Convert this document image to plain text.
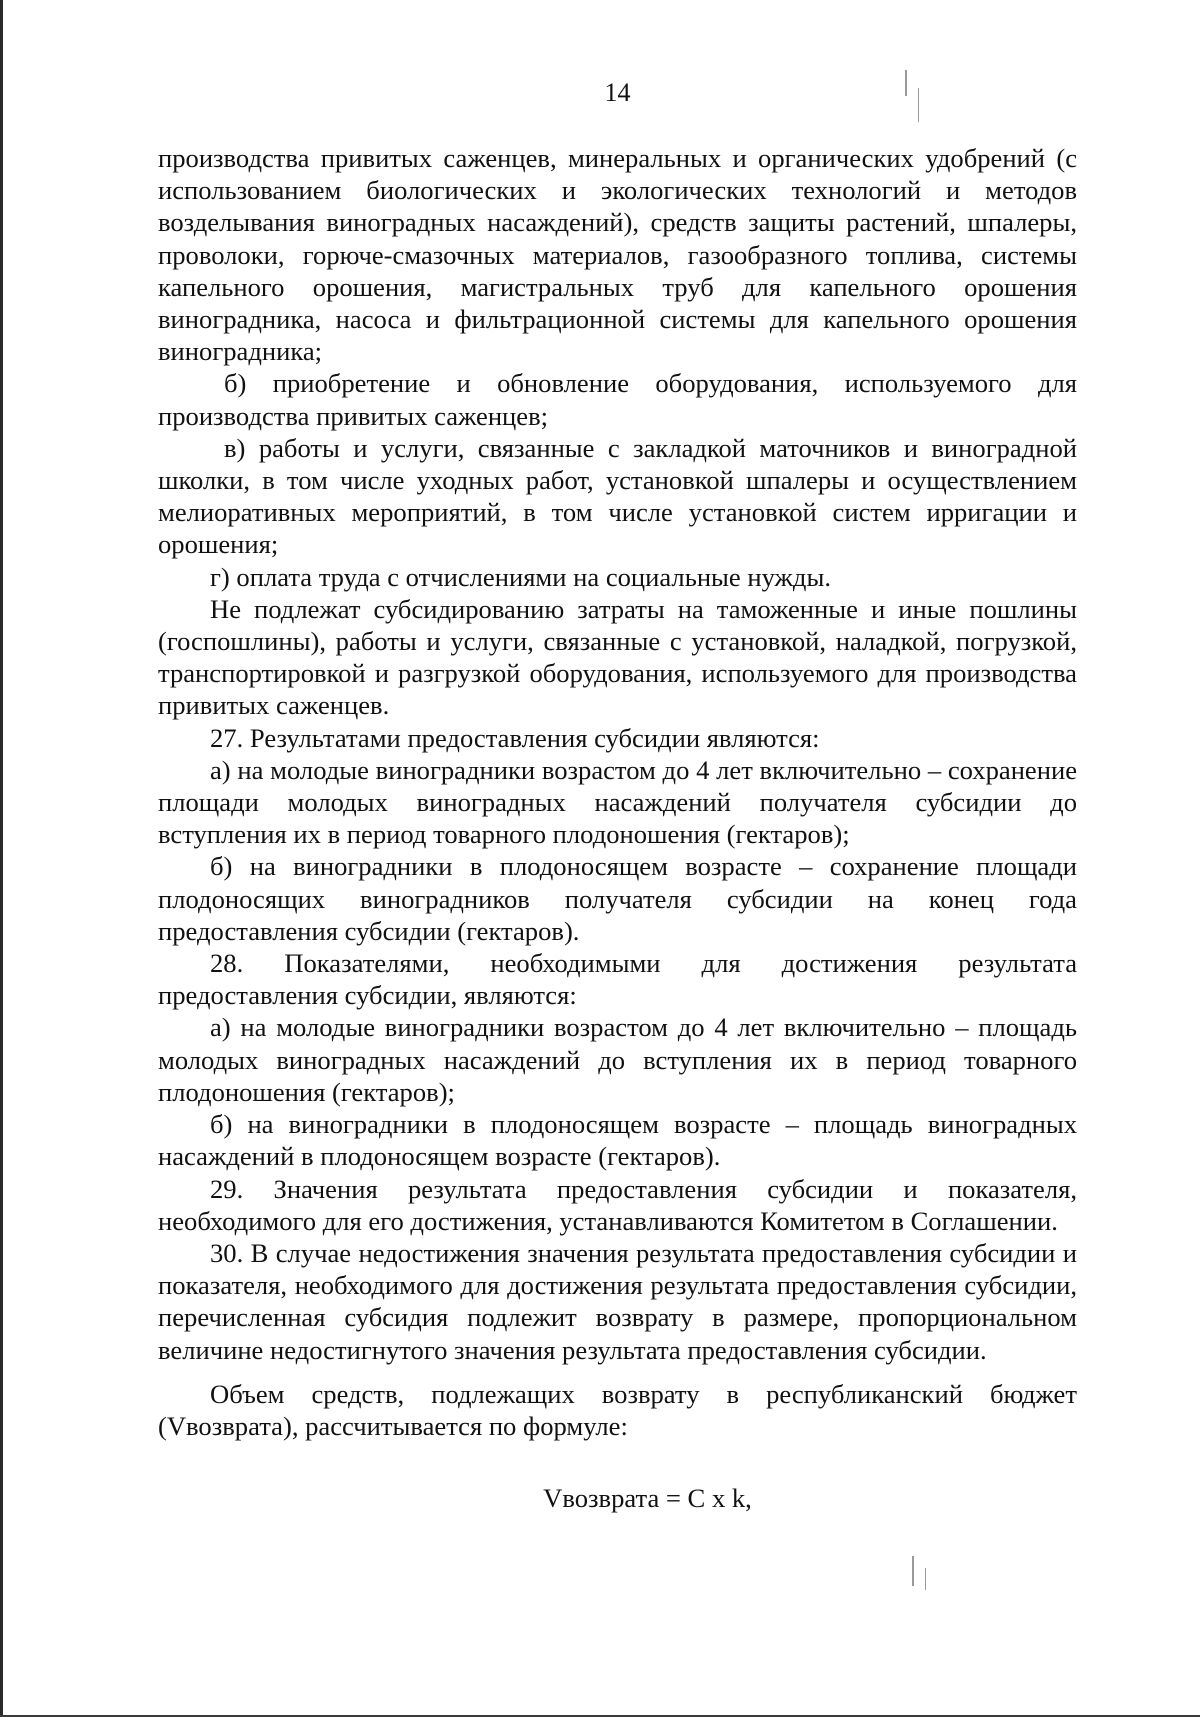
14

производства привитых саженцев, минеральных и органических удобрений (с использованием биологических и экологических технологий и методов возделывания виноградных насаждений), средств защиты растений, шпалеры, проволоки, горюче-смазочных материалов, газообразного топлива, системы капельного орошения, магистральных труб для капельного орошения виноградника, насоса и фильтрационной системы для капельного орошения виноградника;

б) приобретение и обновление оборудования, используемого для производства привитых саженцев;

в) работы и услуги, связанные с закладкой маточников и виноградной школки, в том числе уходных работ, установкой шпалеры и осуществлением мелиоративных мероприятий, в том числе установкой систем ирригации и орошения;

г) оплата труда с отчислениями на социальные нужды.

Не подлежат субсидированию затраты на таможенные и иные пошлины (госпошлины), работы и услуги, связанные с установкой, наладкой, погрузкой, транспортировкой и разгрузкой оборудования, используемого для производства привитых саженцев.

27. Результатами предоставления субсидии являются:

а) на молодые виноградники возрастом до 4 лет включительно – сохранение площади молодых виноградных насаждений получателя субсидии до вступления их в период товарного плодоношения (гектаров);

б) на виноградники в плодоносящем возрасте – сохранение площади плодоносящих виноградников получателя субсидии на конец года предоставления субсидии (гектаров).

28. Показателями, необходимыми для достижения результата предоставления субсидии, являются:

а) на молодые виноградники возрастом до 4 лет включительно – площадь молодых виноградных насаждений до вступления их в период товарного плодоношения (гектаров);

б) на виноградники в плодоносящем возрасте – площадь виноградных насаждений в плодоносящем возрасте (гектаров).

29. Значения результата предоставления субсидии и показателя, необходимого для его достижения, устанавливаются Комитетом в Соглашении.

30. В случае недостижения значения результата предоставления субсидии и показателя, необходимого для достижения результата предоставления субсидии, перечисленная субсидия подлежит возврату в размере, пропорциональном величине недостигнутого значения результата предоставления субсидии.

Объем средств, подлежащих возврату в республиканский бюджет (Vвозврата), рассчитывается по формуле:

Vвозврата = C x k,
